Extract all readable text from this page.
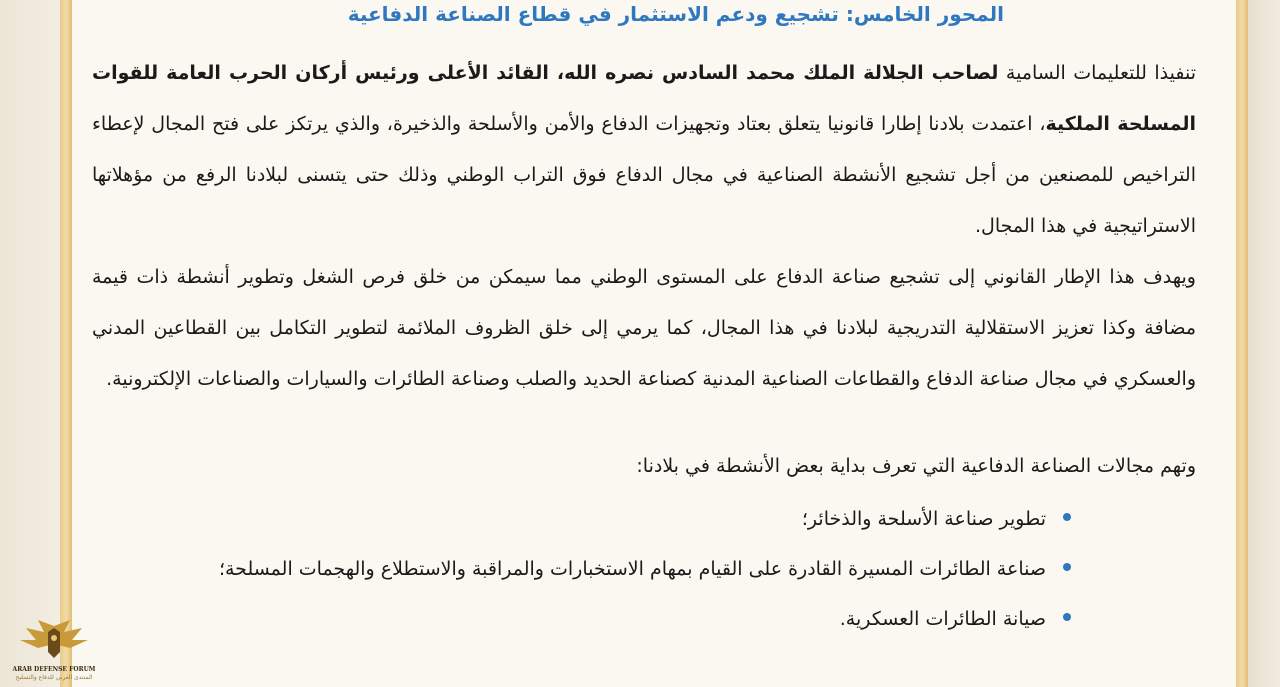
المحور الخامس: تشجيع ودعم الاستثمار في قطاع الصناعة الدفاعية
تنفيذا للتعليمات السامية لصاحب الجلالة الملك محمد السادس نصره الله، القائد الأعلى ورئيس أركان الحرب العامة للقوات المسلحة الملكية، اعتمدت بلادنا إطارا قانونيا يتعلق بعتاد وتجهيزات الدفاع والأمن والأسلحة والذخيرة، والذي يرتكز على فتح المجال لإعطاء التراخيص للمصنعين من أجل تشجيع الأنشطة الصناعية في مجال الدفاع فوق التراب الوطني وذلك حتى يتسنى لبلادنا الرفع من مؤهلاتها الاستراتيجية في هذا المجال.
ويهدف هذا الإطار القانوني إلى تشجيع صناعة الدفاع على المستوى الوطني مما سيمكن من خلق فرص الشغل وتطوير أنشطة ذات قيمة مضافة وكذا تعزيز الاستقلالية التدريجية لبلادنا في هذا المجال، كما يرمي إلى خلق الظروف الملائمة لتطوير التكامل بين القطاعين المدني والعسكري في مجال صناعة الدفاع والقطاعات الصناعية المدنية كصناعة الحديد والصلب وصناعة الطائرات والسيارات والصناعات الإلكترونية.
وتهم مجالات الصناعة الدفاعية التي تعرف بداية بعض الأنشطة في بلادنا:
تطوير صناعة الأسلحة والذخائر؛
صناعة الطائرات المسيرة القادرة على القيام بمهام الاستخبارات والمراقبة والاستطلاع والهجمات المسلحة؛
صيانة الطائرات العسكرية.
ARAB DEFENSE FORUM
المنتدى العربي للدفاع والتسليح
